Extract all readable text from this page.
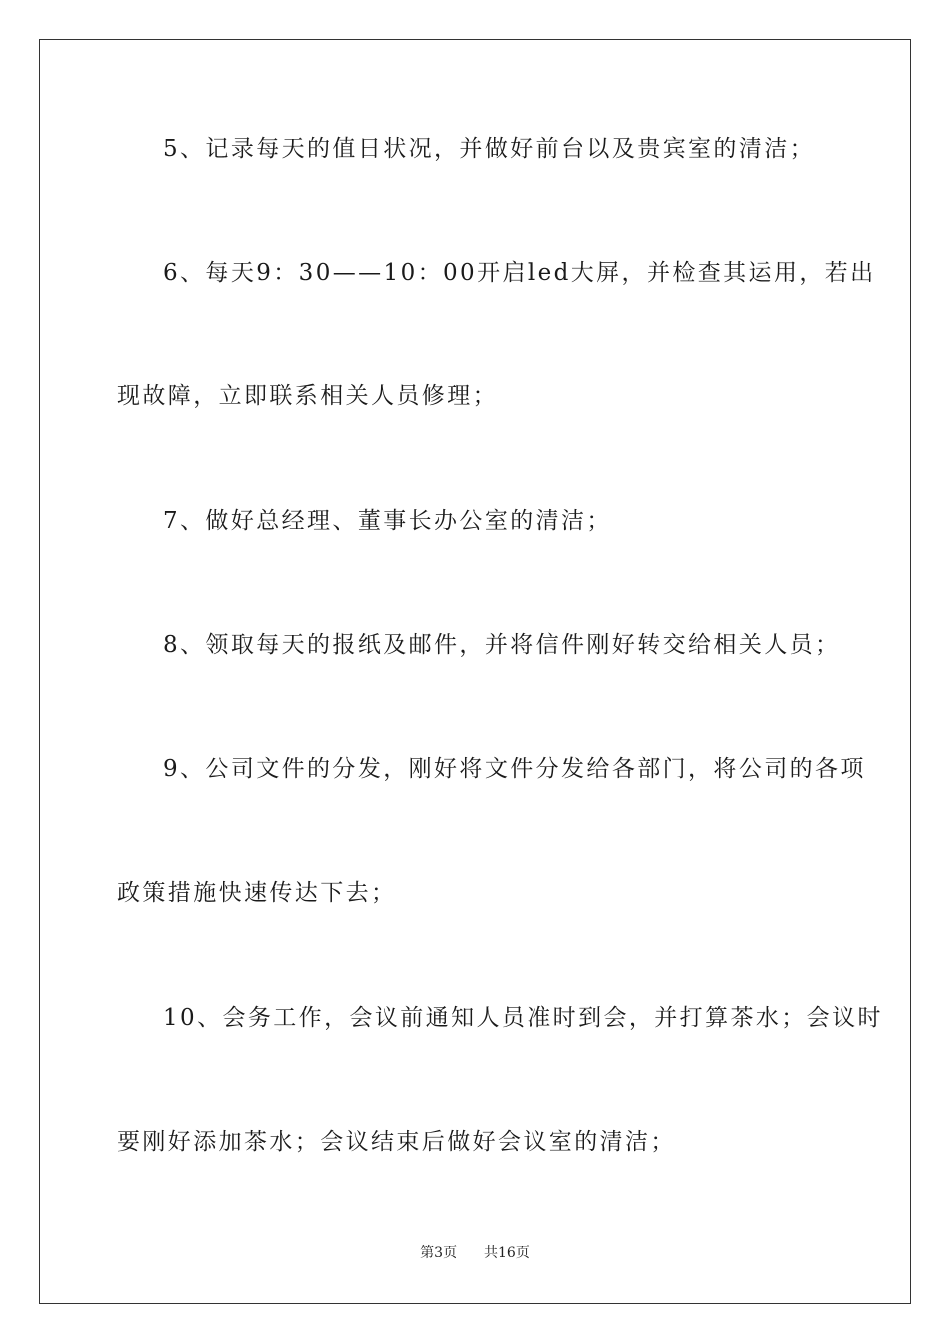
5、记录每天的值日状况，并做好前台以及贵宾室的清洁；
6、每天9：30——10：00开启led大屏，并检查其运用，若出
现故障，立即联系相关人员修理；
7、做好总经理、董事长办公室的清洁；
8、领取每天的报纸及邮件，并将信件刚好转交给相关人员；
9、公司文件的分发，刚好将文件分发给各部门，将公司的各项
政策措施快速传达下去；
10、会务工作，会议前通知人员准时到会，并打算茶水；会议时
要刚好添加茶水；会议结束后做好会议室的清洁；
第3页 共16页
